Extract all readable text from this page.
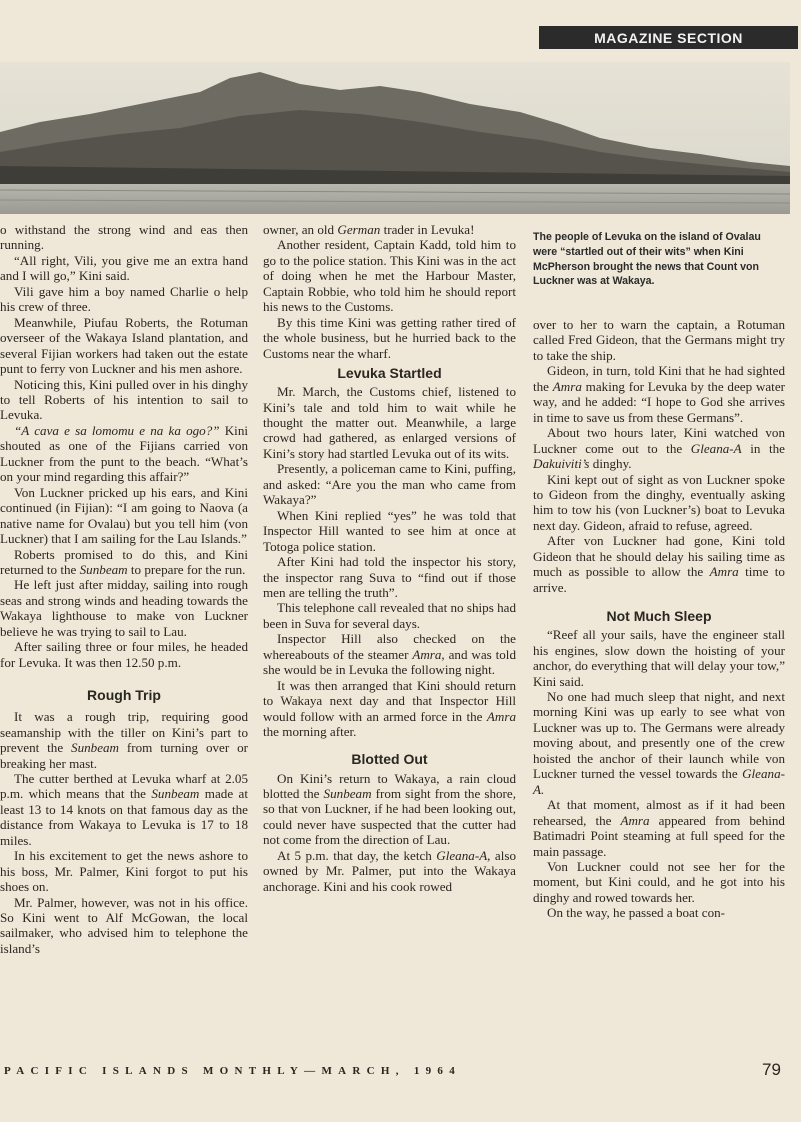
MAGAZINE SECTION

o withstand the strong wind and eas then running.

“All right, Vili, you give me an extra hand and I will go,” Kini said.

Vili gave him a boy named Charlie o help his crew of three.

Meanwhile, Piufau Roberts, the Rotuman overseer of the Wakaya Island plantation, and several Fijian workers had taken out the estate punt to ferry von Luckner and his men ashore.

Noticing this, Kini pulled over in his dinghy to tell Roberts of his intention to sail to Levuka.

“A cava e sa lomomu e na ka ogo?” Kini shouted as one of the Fijians carried von Luckner from the punt to the beach. “What’s on your mind regarding this affair?”

Von Luckner pricked up his ears, and Kini continued (in Fijian): “I am going to Naova (a native name for Ovalau) but you tell him (von Luckner) that I am sailing for the Lau Islands.”

Roberts promised to do this, and Kini returned to the Sunbeam to prepare for the run.

He left just after midday, sailing into rough seas and strong winds and heading towards the Wakaya lighthouse to make von Luckner believe he was trying to sail to Lau.

After sailing three or four miles, he headed for Levuka. It was then 12.50 p.m.

Rough Trip

It was a rough trip, requiring good seamanship with the tiller on Kini’s part to prevent the Sunbeam from turning over or breaking her mast.

The cutter berthed at Levuka wharf at 2.05 p.m. which means that the Sunbeam made at least 13 to 14 knots on that famous day as the distance from Wakaya to Levuka is 17 to 18 miles.

In his excitement to get the news ashore to his boss, Mr. Palmer, Kini forgot to put his shoes on.

Mr. Palmer, however, was not in his office. So Kini went to Alf McGowan, the local sailmaker, who advised him to telephone the island’s

owner, an old German trader in Levuka!

Another resident, Captain Kadd, told him to go to the police station. This Kini was in the act of doing when he met the Harbour Master, Captain Robbie, who told him he should report his news to the Customs.

By this time Kini was getting rather tired of the whole business, but he hurried back to the Customs near the wharf.

Levuka Startled

Mr. March, the Customs chief, listened to Kini’s tale and told him to wait while he thought the matter out. Meanwhile, a large crowd had gathered, as enlarged versions of Kini’s story had startled Levuka out of its wits.

Presently, a policeman came to Kini, puffing, and asked: “Are you the man who came from Wakaya?”

When Kini replied “yes” he was told that Inspector Hill wanted to see him at once at Totoga police station.

After Kini had told the inspector his story, the inspector rang Suva to “find out if those men are telling the truth”.

This telephone call revealed that no ships had been in Suva for several days.

Inspector Hill also checked on the whereabouts of the steamer Amra, and was told she would be in Levuka the following night.

It was then arranged that Kini should return to Wakaya next day and that Inspector Hill would follow with an armed force in the Amra the morning after.

Blotted Out

On Kini’s return to Wakaya, a rain cloud blotted the Sunbeam from sight from the shore, so that von Luckner, if he had been looking out, could never have suspected that the cutter had not come from the direction of Lau.

At 5 p.m. that day, the ketch Gleana-A, also owned by Mr. Palmer, put into the Wakaya anchorage. Kini and his cook rowed

The people of Levuka on the island of Ovalau were “startled out of their wits” when Kini McPherson brought the news that Count von Luckner was at Wakaya.

over to her to warn the captain, a Rotuman called Fred Gideon, that the Germans might try to take the ship.

Gideon, in turn, told Kini that he had sighted the Amra making for Levuka by the deep water way, and he added: “I hope to God she arrives in time to save us from these Germans”.

About two hours later, Kini watched von Luckner come out to the Gleana-A in the Dakuiviti’s dinghy.

Kini kept out of sight as von Luckner spoke to Gideon from the dinghy, eventually asking him to tow his (von Luckner’s) boat to Levuka next day. Gideon, afraid to refuse, agreed.

After von Luckner had gone, Kini told Gideon that he should delay his sailing time as much as possible to allow the Amra time to arrive.

Not Much Sleep

“Reef all your sails, have the engineer stall his engines, slow down the hoisting of your anchor, do everything that will delay your tow,” Kini said.

No one had much sleep that night, and next morning Kini was up early to see what von Luckner was up to. The Germans were already moving about, and presently one of the crew hoisted the anchor of their launch while von Luckner turned the vessel towards the Gleana-A.

At that moment, almost as if it had been rehearsed, the Amra appeared from behind Batimadri Point steaming at full speed for the main passage.

Von Luckner could not see her for the moment, but Kini could, and he got into his dinghy and rowed towards her.

On the way, he passed a boat con-

PACIFIC ISLANDS MONTHLY—MARCH, 1964	79
